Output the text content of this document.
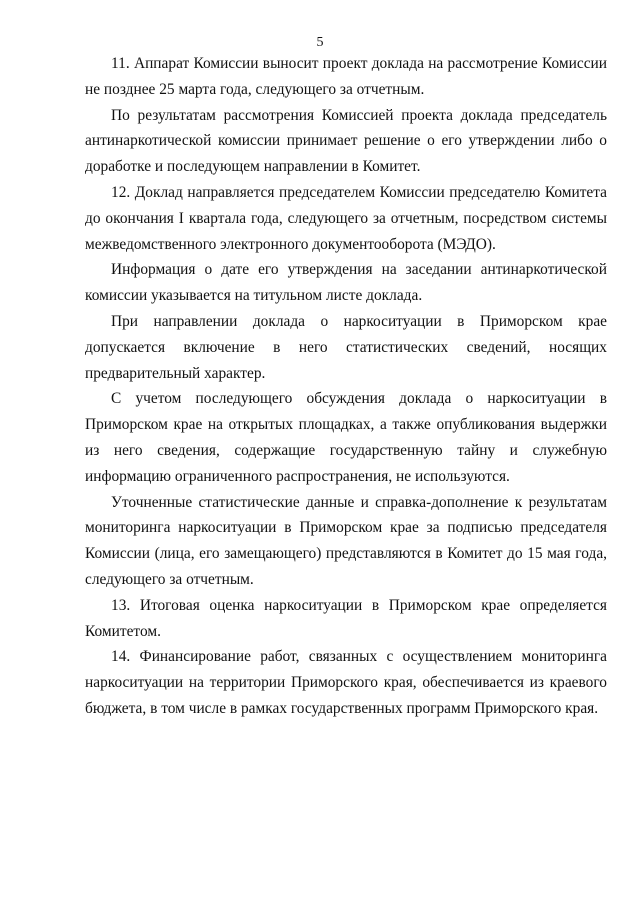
5

11. Аппарат Комиссии выносит проект доклада на рассмотрение Комиссии не позднее 25 марта года, следующего за отчетным.

По результатам рассмотрения Комиссией проекта доклада председатель антинаркотической комиссии принимает решение о его утверждении либо о доработке и последующем направлении в Комитет.

12. Доклад направляется председателем Комиссии председателю Комитета до окончания I квартала года, следующего за отчетным, посредством системы межведомственного электронного документооборота (МЭДО).

Информация о дате его утверждения на заседании антинаркотической комиссии указывается на титульном листе доклада.

При направлении доклада о наркоситуации в Приморском крае допускается включение в него статистических сведений, носящих предварительный характер.

С учетом последующего обсуждения доклада о наркоситуации в Приморском крае на открытых площадках, а также опубликования выдержки из него сведения, содержащие государственную тайну и служебную информацию ограниченного распространения, не используются.

Уточненные статистические данные и справка-дополнение к результатам мониторинга наркоситуации в Приморском крае за подписью председателя Комиссии (лица, его замещающего) представляются в Комитет до 15 мая года, следующего за отчетным.

13. Итоговая оценка наркоситуации в Приморском крае определяется Комитетом.

14. Финансирование работ, связанных с осуществлением мониторинга наркоситуации на территории Приморского края, обеспечивается из краевого бюджета, в том числе в рамках государственных программ Приморского края.
